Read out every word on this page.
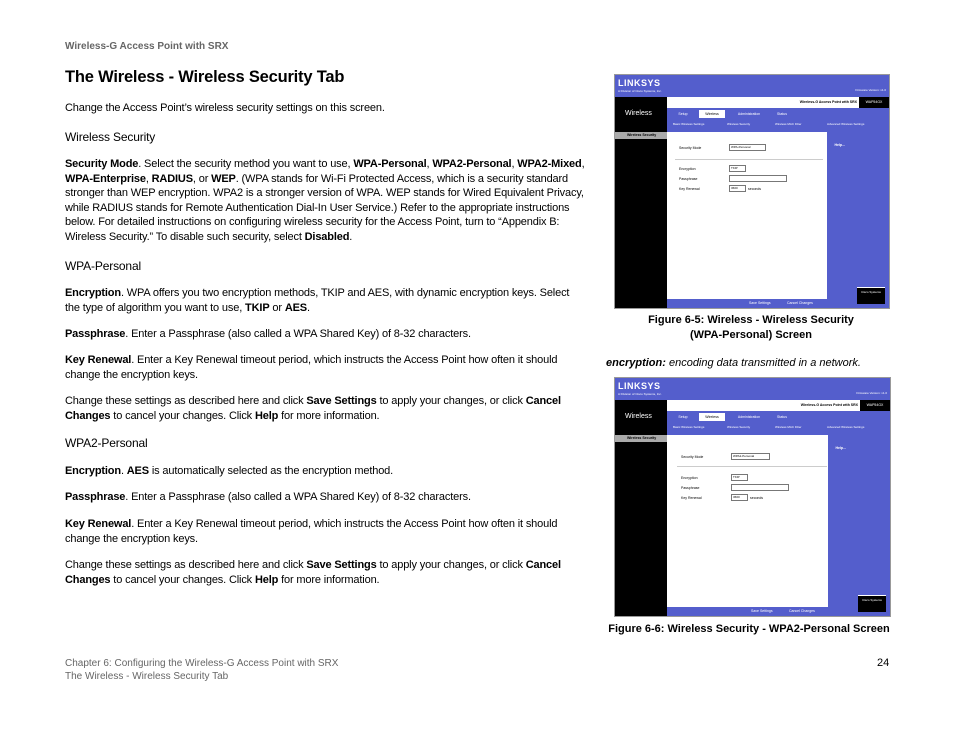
Wireless-G Access Point with SRX
The Wireless - Wireless Security Tab
Change the Access Point’s wireless security settings on this screen.
Wireless Security
Security Mode. Select the security method you want to use, WPA-Personal, WPA2-Personal, WPA2-Mixed, WPA-Enterprise, RADIUS, or WEP. (WPA stands for Wi-Fi Protected Access, which is a security standard stronger than WEP encryption. WPA2 is a stronger version of WPA. WEP stands for Wired Equivalent Privacy, while RADIUS stands for Remote Authentication Dial-In User Service.) Refer to the appropriate instructions below. For detailed instructions on configuring wireless security for the Access Point, turn to “Appendix B: Wireless Security.” To disable such security, select Disabled.
WPA-Personal
Encryption. WPA offers you two encryption methods, TKIP and AES, with dynamic encryption keys. Select the type of algorithm you want to use, TKIP or AES.
Passphrase. Enter a Passphrase (also called a WPA Shared Key) of 8-32 characters.
Key Renewal. Enter a Key Renewal timeout period, which instructs the Access Point how often it should change the encryption keys.
Change these settings as described here and click Save Settings to apply your changes, or click Cancel Changes to cancel your changes. Click Help for more information.
WPA2-Personal
Encryption. AES is automatically selected as the encryption method.
Passphrase. Enter a Passphrase (also called a WPA Shared Key) of 8-32 characters.
Key Renewal. Enter a Key Renewal timeout period, which instructs the Access Point how often it should change the encryption keys.
Change these settings as described here and click Save Settings to apply your changes, or click Cancel Changes to cancel your changes. Click Help for more information.
LINKSYS
A Division of Cisco Systems, Inc.	Firmware Version: v1.0
Wireless
Wireless-G Access Point with SRX	WAP54GX
Setup	Wireless	Administration	Status
Basic Wireless Settings	Wireless Security	Wireless MAC Filter	Advanced Wireless Settings
Wireless Security
Help...
Security Mode	WPA-Personal
Encryption	TKIP
Passphrase
Key Renewal	3600	seconds
Save Settings	Cancel Changes
Cisco Systems
Figure 6-5: Wireless - Wireless Security
(WPA-Personal) Screen
encryption: encoding data transmitted in a network.
LINKSYS
A Division of Cisco Systems, Inc.	Firmware Version: v1.0
Wireless
Wireless-G Access Point with SRX	WAP54GX
Setup	Wireless	Administration	Status
Basic Wireless Settings	Wireless Security	Wireless MAC Filter	Advanced Wireless Settings
Wireless Security
Help...
Security Mode	WPA2-Personal
Encryption	TKIP
Passphrase
Key Renewal	3600	seconds
Save Settings	Cancel Changes
Cisco Systems
Figure 6-6: Wireless Security - WPA2-Personal Screen
Chapter 6: Configuring the Wireless-G Access Point with SRX
The Wireless - Wireless Security Tab
24
